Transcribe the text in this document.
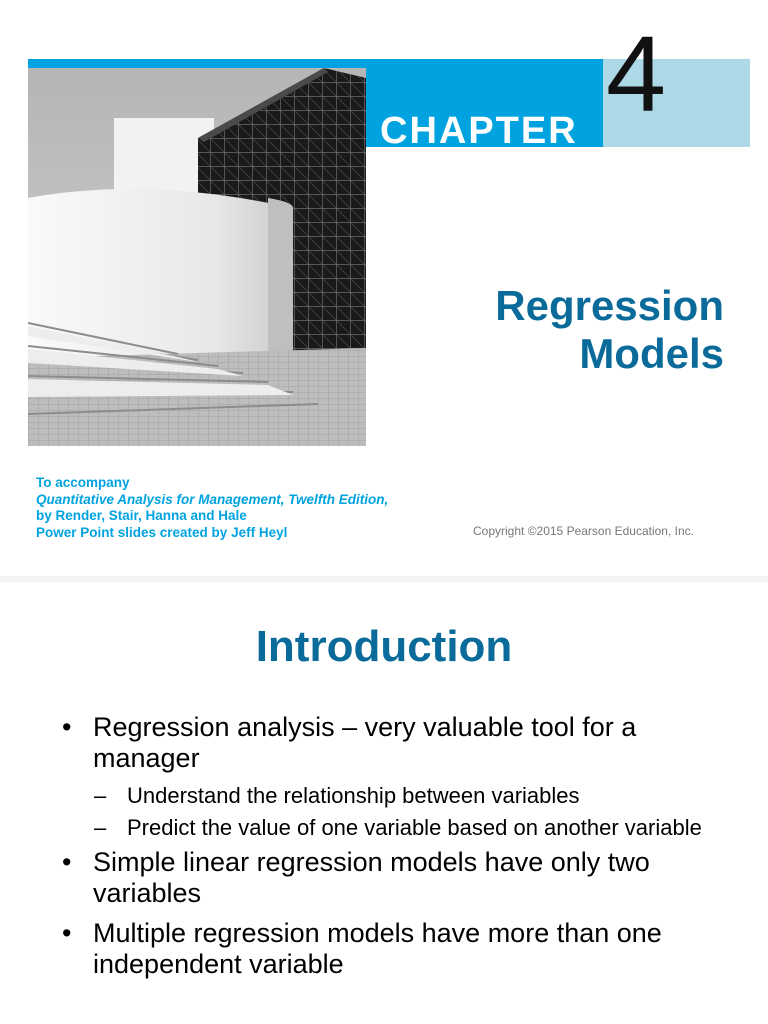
CHAPTER 4
Regression
Models
To accompany
Quantitative Analysis for Management, Twelfth Edition,
by Render, Stair, Hanna and Hale
Power Point slides created by Jeff Heyl	Copyright ©2015 Pearson Education, Inc.
Introduction
• Regression analysis – very valuable tool for a manager
– Understand the relationship between variables
– Predict the value of one variable based on another variable
• Simple linear regression models have only two variables
• Multiple regression models have more than one independent variable
